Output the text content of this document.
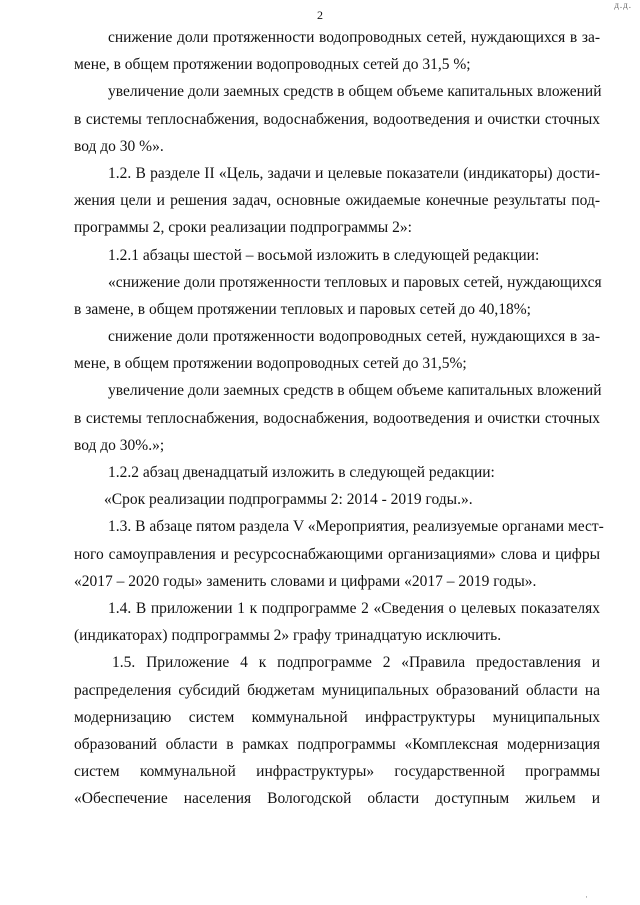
д.д.
2
снижение доли протяженности водопроводных сетей, нуждающихся в за-
мене, в общем протяжении водопроводных сетей до 31,5 %;
увеличение доли заемных средств в общем объеме капитальных вложений
в системы теплоснабжения, водоснабжения, водоотведения и очистки сточных
вод до 30 %».
1.2. В разделе II «Цель, задачи и целевые показатели (индикаторы) дости-
жения цели и решения задач, основные ожидаемые конечные результаты под-
программы 2, сроки реализации подпрограммы 2»:
1.2.1 абзацы шестой – восьмой изложить в следующей редакции:
«снижение доли протяженности тепловых и паровых сетей, нуждающихся
в замене, в общем протяжении тепловых и паровых сетей до 40,18%;
снижение доли протяженности водопроводных сетей, нуждающихся в за-
мене, в общем протяжении водопроводных сетей до 31,5%;
увеличение доли заемных средств в общем объеме капитальных вложений
в системы теплоснабжения, водоснабжения, водоотведения и очистки сточных
вод до 30%.»;
1.2.2 абзац двенадцатый изложить в следующей редакции:
«Срок реализации подпрограммы 2: 2014 - 2019 годы.».
1.3. В абзаце пятом раздела V «Мероприятия, реализуемые органами мест-
ного самоуправления и ресурсоснабжающими организациями» слова и цифры
«2017 – 2020 годы» заменить словами и цифрами «2017 – 2019 годы».
1.4. В приложении 1 к подпрограмме 2 «Сведения о целевых показателях
(индикаторах) подпрограммы 2» графу тринадцатую исключить.
1.5. Приложение 4 к подпрограмме 2 «Правила предоставления и
распределения субсидий бюджетам муниципальных образований области на
модернизацию систем коммунальной инфраструктуры муниципальных
образований области в рамках подпрограммы «Комплексная модернизация
систем коммунальной инфраструктуры» государственной программы
«Обеспечение населения Вологодской области доступным жильем и
·
